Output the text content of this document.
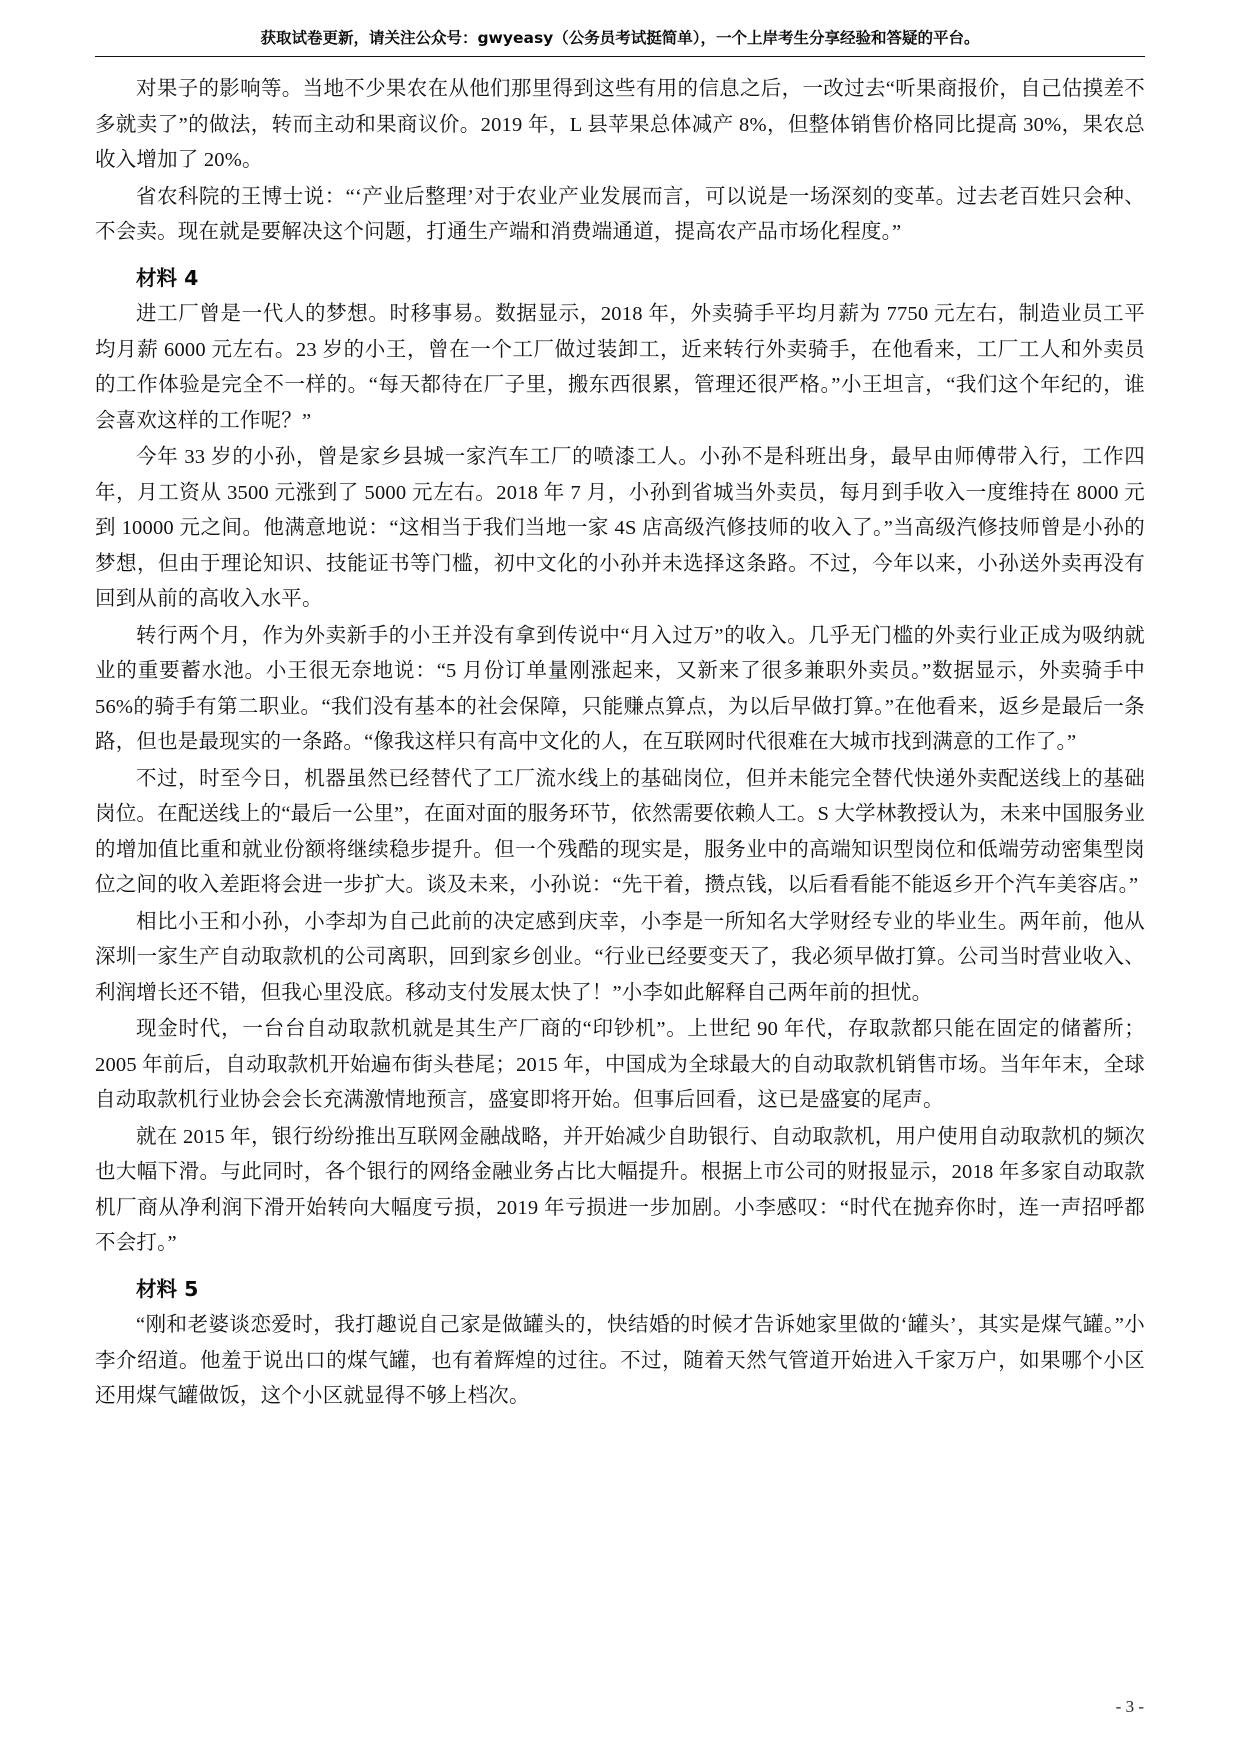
获取试卷更新，请关注公众号：gwyeasy（公务员考试挺简单），一个上岸考生分享经验和答疑的平台。

对果子的影响等。当地不少果农在从他们那里得到这些有用的信息之后，一改过去“听果商报价，自己估摸差不多就卖了”的做法，转而主动和果商议价。2019 年，L 县苹果总体减产 8%，但整体销售价格同比提高 30%，果农总收入增加了 20%。

省农科院的王博士说：“‘产业后整理’对于农业产业发展而言，可以说是一场深刻的变革。过去老百姓只会种、不会卖。现在就是要解决这个问题，打通生产端和消费端通道，提高农产品市场化程度。”

材料 4

进工厂曾是一代人的梦想。时移事易。数据显示，2018 年，外卖骑手平均月薪为 7750 元左右，制造业员工平均月薪 6000 元左右。23 岁的小王，曾在一个工厂做过装卸工，近来转行外卖骑手，在他看来，工厂工人和外卖员的工作体验是完全不一样的。“每天都待在厂子里，搬东西很累，管理还很严格。”小王坦言，“我们这个年纪的，谁会喜欢这样的工作呢？”

今年 33 岁的小孙，曾是家乡县城一家汽车工厂的喷漆工人。小孙不是科班出身，最早由师傅带入行，工作四年，月工资从 3500 元涨到了 5000 元左右。2018 年 7 月，小孙到省城当外卖员，每月到手收入一度维持在 8000 元到 10000 元之间。他满意地说：“这相当于我们当地一家 4S 店高级汽修技师的收入了。”当高级汽修技师曾是小孙的梦想，但由于理论知识、技能证书等门槛，初中文化的小孙并未选择这条路。不过，今年以来，小孙送外卖再没有回到从前的高收入水平。

转行两个月，作为外卖新手的小王并没有拿到传说中“月入过万”的收入。几乎无门槛的外卖行业正成为吸纳就业的重要蓄水池。小王很无奈地说：“5 月份订单量刚涨起来，又新来了很多兼职外卖员。”数据显示，外卖骑手中 56%的骑手有第二职业。“我们没有基本的社会保障，只能赚点算点，为以后早做打算。”在他看来，返乡是最后一条路，但也是最现实的一条路。“像我这样只有高中文化的人，在互联网时代很难在大城市找到满意的工作了。”

不过，时至今日，机器虽然已经替代了工厂流水线上的基础岗位，但并未能完全替代快递外卖配送线上的基础岗位。在配送线上的“最后一公里”，在面对面的服务环节，依然需要依赖人工。S 大学林教授认为，未来中国服务业的增加值比重和就业份额将继续稳步提升。但一个残酷的现实是，服务业中的高端知识型岗位和低端劳动密集型岗位之间的收入差距将会进一步扩大。谈及未来，小孙说：“先干着，攒点钱，以后看看能不能返乡开个汽车美容店。”

相比小王和小孙，小李却为自己此前的决定感到庆幸，小李是一所知名大学财经专业的毕业生。两年前，他从深圳一家生产自动取款机的公司离职，回到家乡创业。“行业已经要变天了，我必须早做打算。公司当时营业收入、利润增长还不错，但我心里没底。移动支付发展太快了！”小李如此解释自己两年前的担忧。

现金时代，一台台自动取款机就是其生产厂商的“印钞机”。上世纪 90 年代，存取款都只能在固定的储蓄所；2005 年前后，自动取款机开始遍布街头巷尾；2015 年，中国成为全球最大的自动取款机销售市场。当年年末，全球自动取款机行业协会会长充满激情地预言，盛宴即将开始。但事后回看，这已是盛宴的尾声。

就在 2015 年，银行纷纷推出互联网金融战略，并开始减少自助银行、自动取款机，用户使用自动取款机的频次也大幅下滑。与此同时，各个银行的网络金融业务占比大幅提升。根据上市公司的财报显示，2018 年多家自动取款机厂商从净利润下滑开始转向大幅度亏损，2019 年亏损进一步加剧。小李感叹：“时代在抛弃你时，连一声招呼都不会打。”

材料 5

“刚和老婆谈恋爱时，我打趣说自己家是做罐头的，快结婚的时候才告诉她家里做的‘罐头’，其实是煤气罐。”小李介绍道。他羞于说出口的煤气罐，也有着辉煌的过往。不过，随着天然气管道开始进入千家万户，如果哪个小区还用煤气罐做饭，这个小区就显得不够上档次。

- 3 -
